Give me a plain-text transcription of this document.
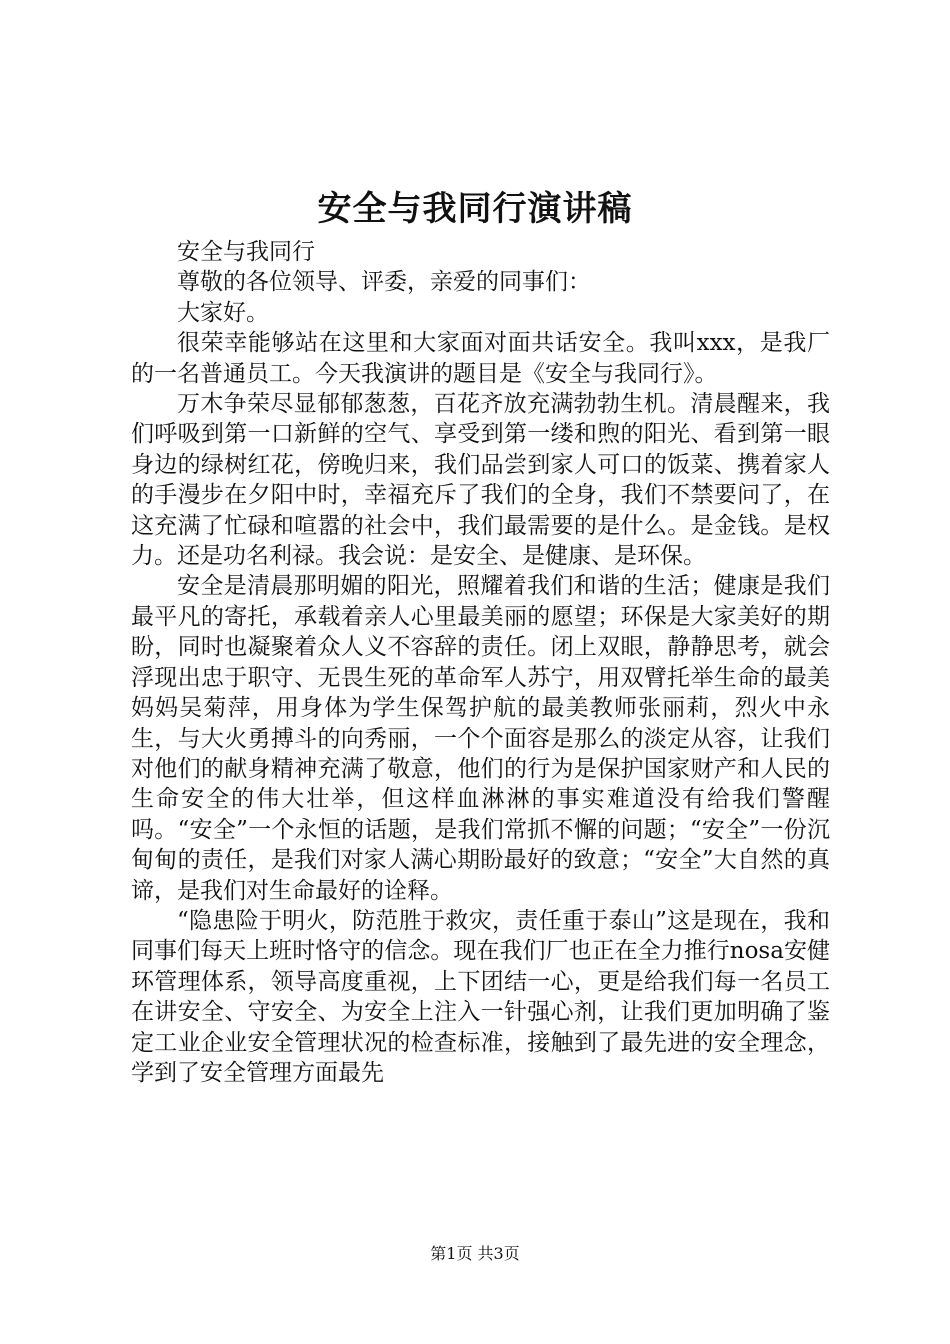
安全与我同行演讲稿

安全与我同行

尊敬的各位领导、评委，亲爱的同事们：

大家好。

很荣幸能够站在这里和大家面对面共话安全。我叫xxx，是我厂的一名普通员工。今天我演讲的题目是《安全与我同行》。

万木争荣尽显郁郁葱葱，百花齐放充满勃勃生机。清晨醒来，我们呼吸到第一口新鲜的空气、享受到第一缕和煦的阳光、看到第一眼身边的绿树红花，傍晚归来，我们品尝到家人可口的饭菜、携着家人的手漫步在夕阳中时，幸福充斥了我们的全身，我们不禁要问了，在这充满了忙碌和喧嚣的社会中，我们最需要的是什么。是金钱。是权力。还是功名利禄。我会说：是安全、是健康、是环保。

安全是清晨那明媚的阳光，照耀着我们和谐的生活；健康是我们最平凡的寄托，承载着亲人心里最美丽的愿望；环保是大家美好的期盼，同时也凝聚着众人义不容辞的责任。闭上双眼，静静思考，就会浮现出忠于职守、无畏生死的革命军人苏宁，用双臂托举生命的最美妈妈吴菊萍，用身体为学生保驾护航的最美教师张丽莉，烈火中永生，与大火勇搏斗的向秀丽，一个个面容是那么的淡定从容，让我们对他们的献身精神充满了敬意，他们的行为是保护国家财产和人民的生命安全的伟大壮举，但这样血淋淋的事实难道没有给我们警醒吗。“安全”一个永恒的话题，是我们常抓不懈的问题；“安全”一份沉甸甸的责任，是我们对家人满心期盼最好的致意；“安全”大自然的真谛，是我们对生命最好的诠释。

“隐患险于明火，防范胜于救灾，责任重于泰山”这是现在，我和同事们每天上班时恪守的信念。现在我们厂也正在全力推行nosa安健环管理体系，领导高度重视，上下团结一心，更是给我们每一名员工在讲安全、守安全、为安全上注入一针强心剂，让我们更加明确了鉴定工业企业安全管理状况的检查标准，接触到了最先进的安全理念，学到了安全管理方面最先

第1页 共3页
